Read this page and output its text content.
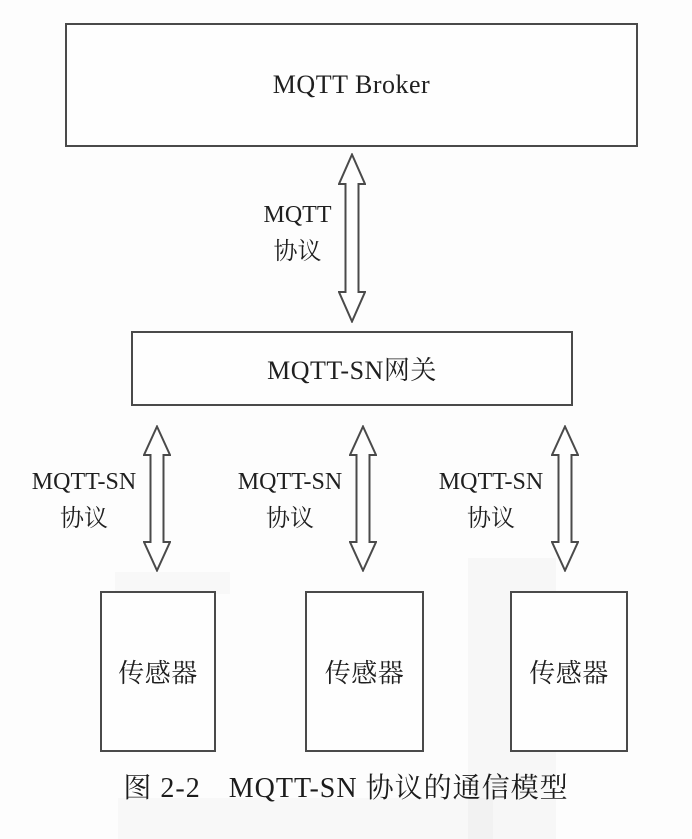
MQTT Broker
MQTT
协议
MQTT-SN网关
MQTT-SN
协议
MQTT-SN
协议
MQTT-SN
协议
传感器	传感器	传感器
图 2-2 MQTT-SN 协议的通信模型
